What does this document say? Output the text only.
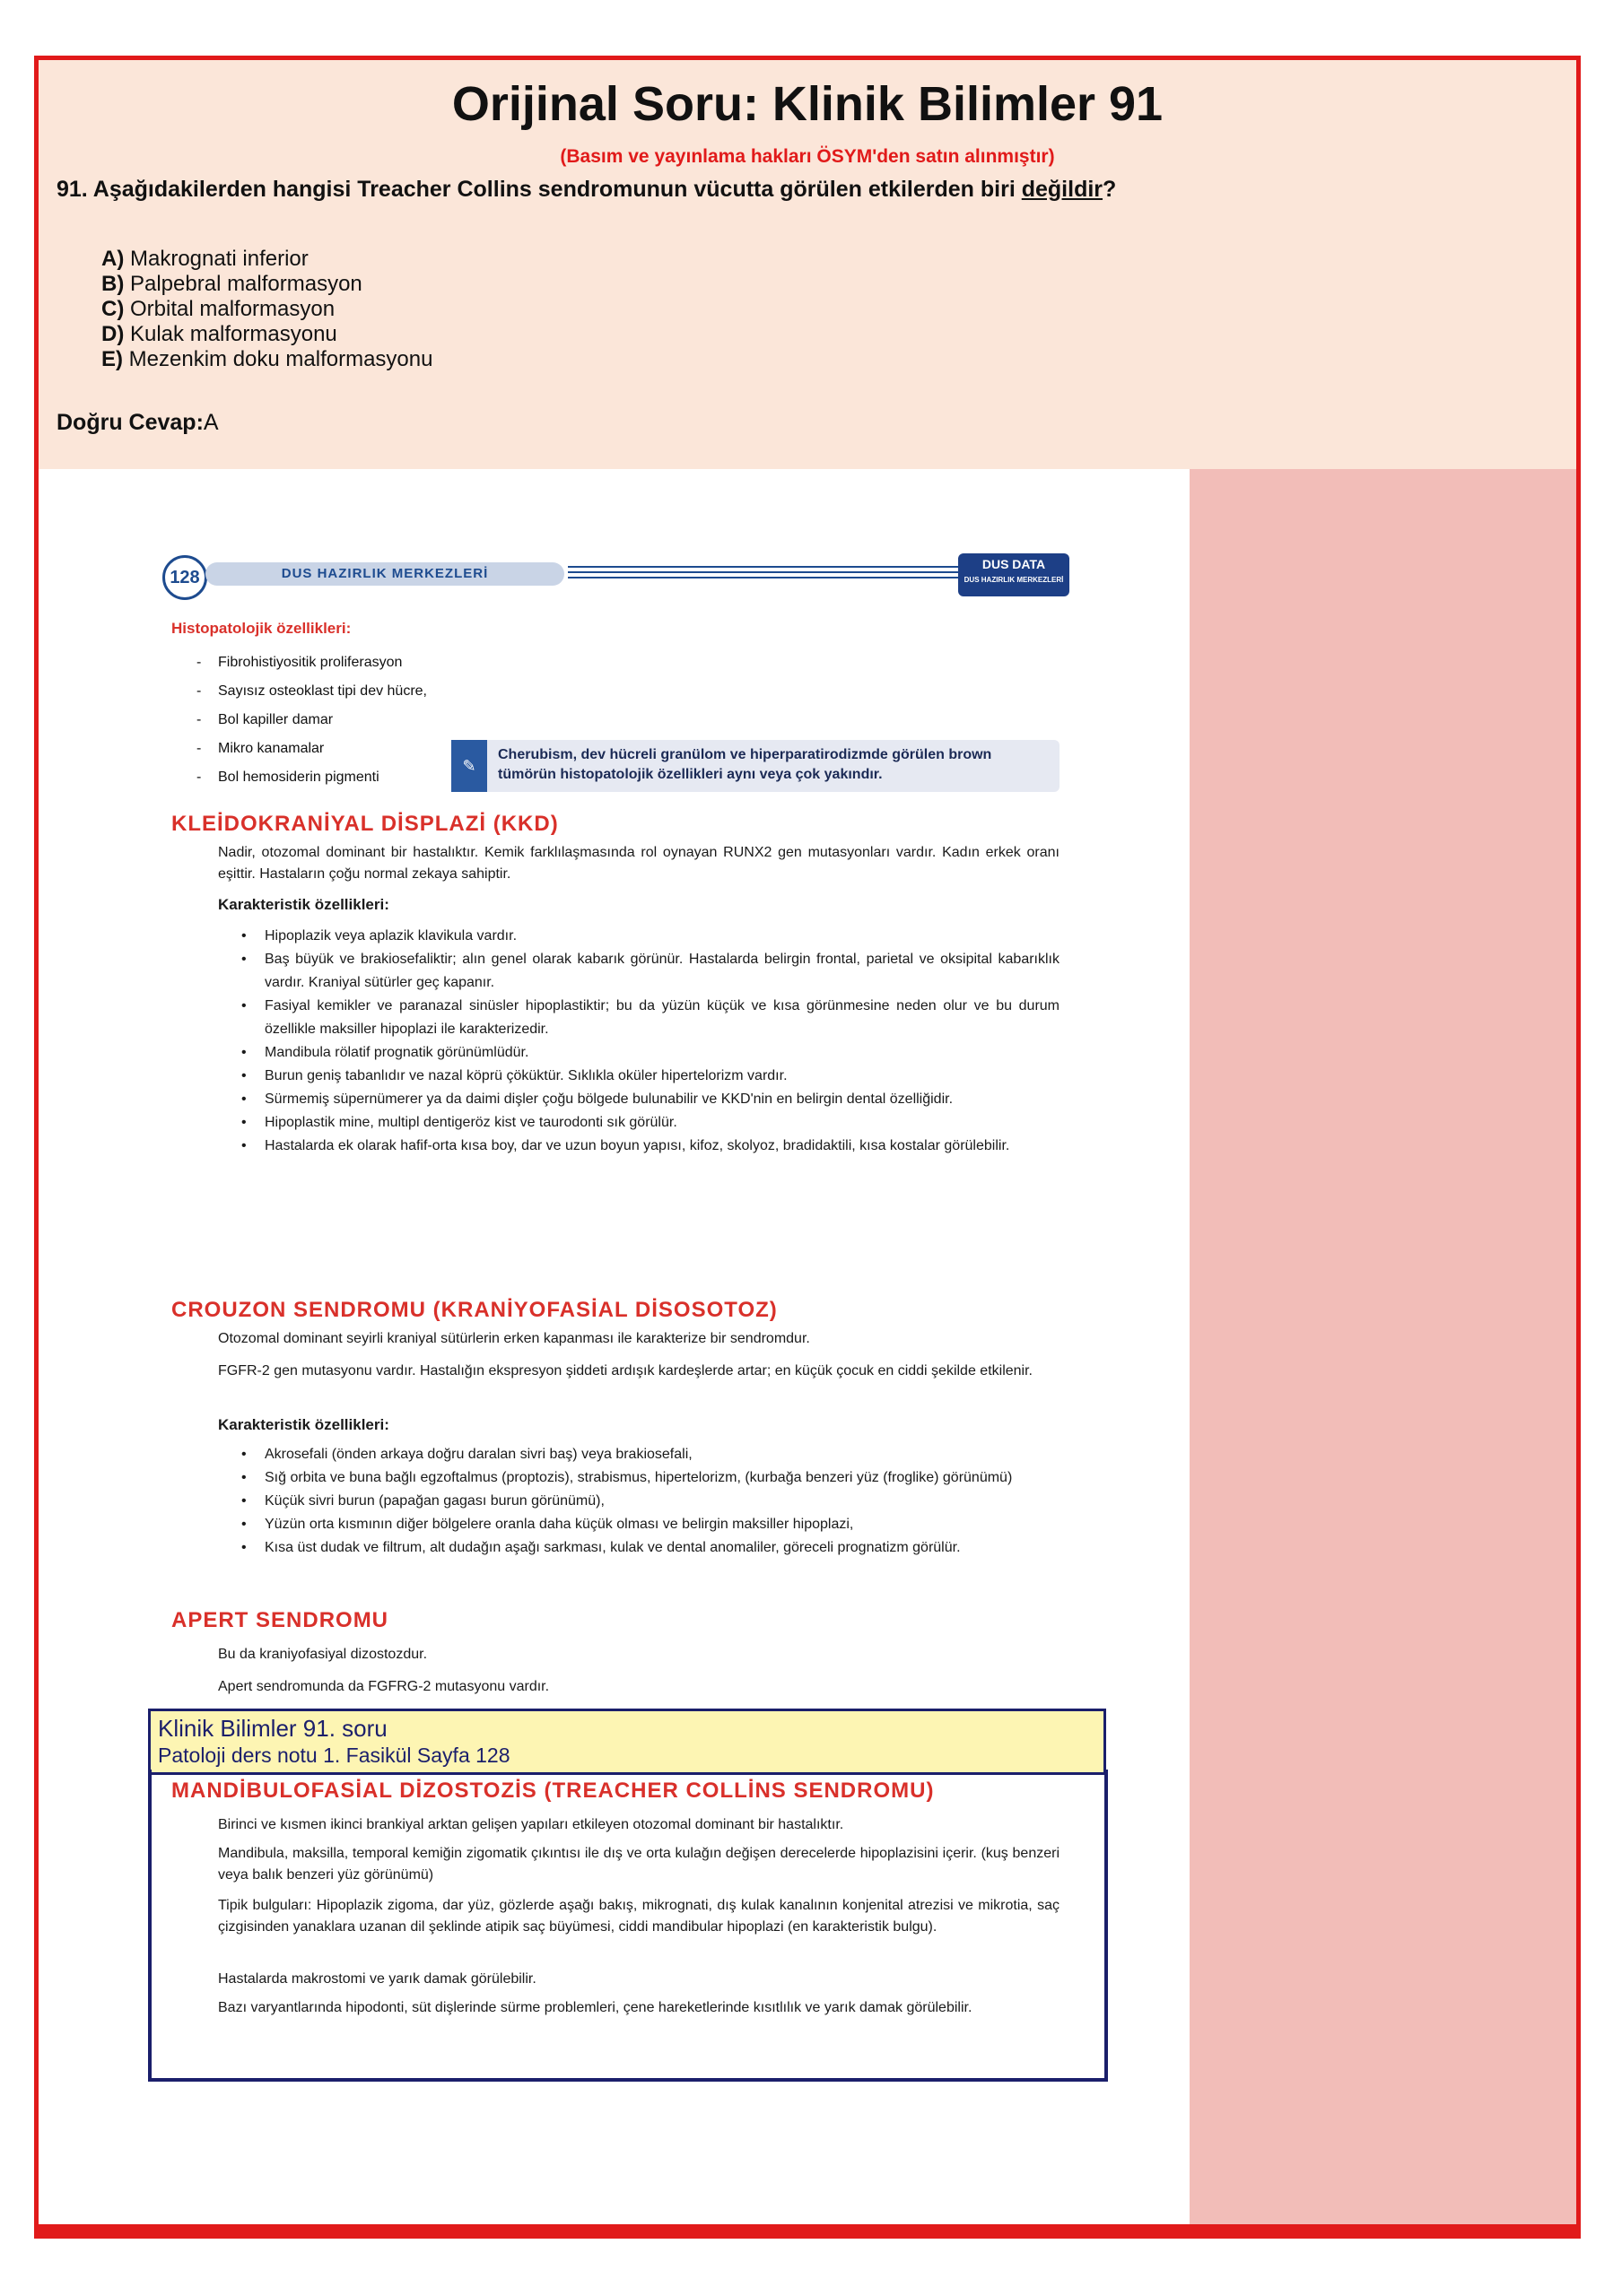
Orijinal Soru: Klinik Bilimler 91
(Basım ve yayınlama hakları ÖSYM'den satın alınmıştır)
91. Aşağıdakilerden hangisi Treacher Collins sendromunun vücutta görülen etkilerden biri değildir?
A) Makrognati inferior
B) Palpebral malformasyon
C) Orbital malformasyon
D) Kulak malformasyonu
E) Mezenkim doku malformasyonu
Doğru Cevap:A
128	DUS HAZIRLIK MERKEZLERİ
DUS DATA
DUS HAZIRLIK MERKEZLERİ
Histopatolojik özellikleri:
- Fibrohistiyositik proliferasyon
- Sayısız osteoklast tipi dev hücre,
- Bol kapiller damar
- Mikro kanamalar
- Bol hemosiderin pigmenti
✎
Cherubism, dev hücreli granülom ve hiperparatirodizmde görülen brown tümörün histopatolojik özellikleri aynı veya çok yakındır.
KLEİDOKRANİYAL DİSPLAZİ (KKD)
Nadir, otozomal dominant bir hastalıktır. Kemik farklılaşmasında rol oynayan RUNX2 gen mutasyonları vardır. Kadın erkek oranı eşittir. Hastaların çoğu normal zekaya sahiptir.
Karakteristik özellikleri:
• Hipoplazik veya aplazik klavikula vardır.
• Baş büyük ve brakiosefaliktir; alın genel olarak kabarık görünür. Hastalarda belirgin frontal, parietal ve oksipital kabarıklık vardır. Kraniyal sütürler geç kapanır.
• Fasiyal kemikler ve paranazal sinüsler hipoplastiktir; bu da yüzün küçük ve kısa görünmesine neden olur ve bu durum özellikle maksiller hipoplazi ile karakterizedir.
• Mandibula rölatif prognatik görünümlüdür.
• Burun geniş tabanlıdır ve nazal köprü çöküktür. Sıklıkla oküler hipertelorizm vardır.
• Sürmemiş süpernümerer ya da daimi dişler çoğu bölgede bulunabilir ve KKD'nin en belirgin dental özelliğidir.
• Hipoplastik mine, multipl dentigeröz kist ve taurodonti sık görülür.
• Hastalarda ek olarak hafif-orta kısa boy, dar ve uzun boyun yapısı, kifoz, skolyoz, bradidaktili, kısa kostalar görülebilir.
CROUZON SENDROMU (KRANİYOFASİAL DİSOSOTOZ)
Otozomal dominant seyirli kraniyal sütürlerin erken kapanması ile karakterize bir sendromdur.
FGFR-2 gen mutasyonu vardır. Hastalığın ekspresyon şiddeti ardışık kardeşlerde artar; en küçük çocuk en ciddi şekilde etkilenir.
Karakteristik özellikleri:
• Akrosefali (önden arkaya doğru daralan sivri baş) veya brakiosefali,
• Sığ orbita ve buna bağlı egzoftalmus (proptozis), strabismus, hipertelorizm, (kurbağa benzeri yüz (froglike) görünümü)
• Küçük sivri burun (papağan gagası burun görünümü),
• Yüzün orta kısmının diğer bölgelere oranla daha küçük olması ve belirgin maksiller hipoplazi,
• Kısa üst dudak ve filtrum, alt dudağın aşağı sarkması, kulak ve dental anomaliler, göreceli prognatizm görülür.
APERT SENDROMU
Bu da kraniyofasiyal dizostozdur.
Apert sendromunda da FGFRG-2 mutasyonu vardır.
Klinik Bilimler 91. soru
Patoloji ders notu 1. Fasikül Sayfa 128
MANDİBULOFASİAL DİZOSTOZİS (TREACHER COLLİNS SENDROMU)
Birinci ve kısmen ikinci brankiyal arktan gelişen yapıları etkileyen otozomal dominant bir hastalıktır.
Mandibula, maksilla, temporal kemiğin zigomatik çıkıntısı ile dış ve orta kulağın değişen derecelerde hipoplazisini içerir. (kuş benzeri veya balık benzeri yüz görünümü)
Tipik bulguları: Hipoplazik zigoma, dar yüz, gözlerde aşağı bakış, mikrognati, dış kulak kanalının konjenital atrezisi ve mikrotia, saç çizgisinden yanaklara uzanan dil şeklinde atipik saç büyümesi, ciddi mandibular hipoplazi (en karakteristik bulgu).
Hastalarda makrostomi ve yarık damak görülebilir.
Bazı varyantlarında hipodonti, süt dişlerinde sürme problemleri, çene hareketlerinde kısıtlılık ve yarık damak görülebilir.
